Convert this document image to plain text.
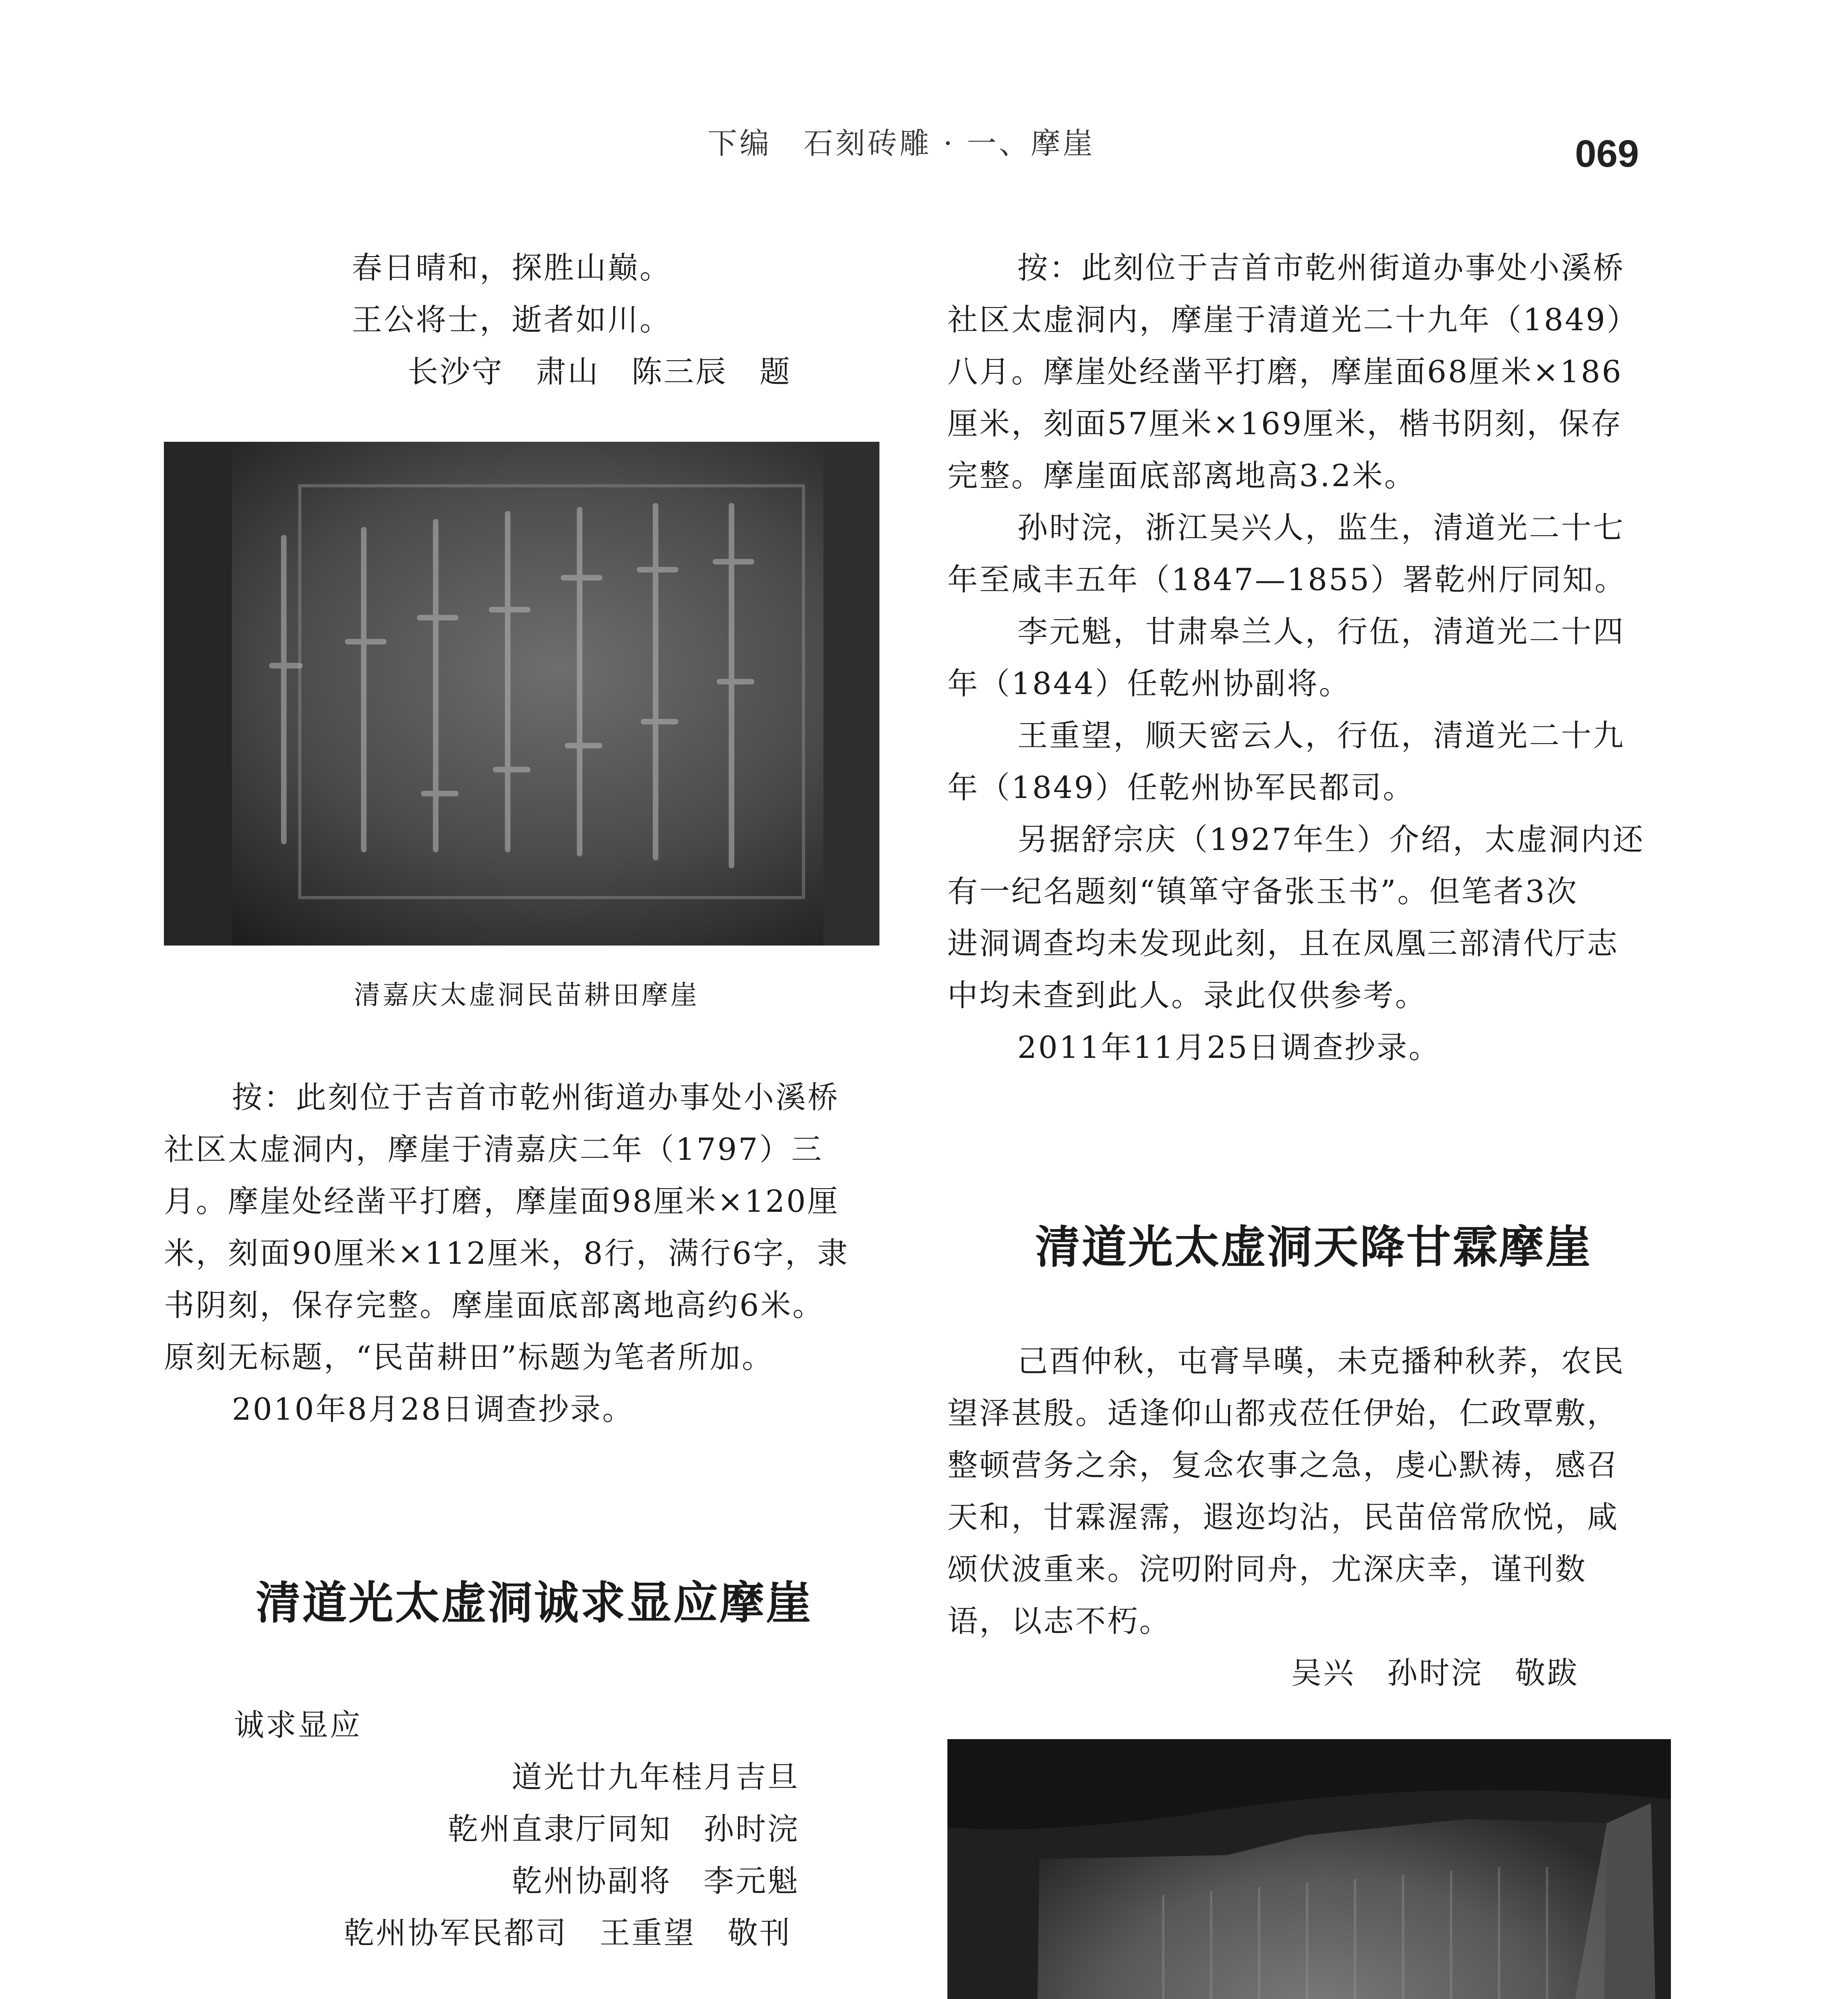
下编　石刻砖雕 · 一、摩崖	069
春日晴和，探胜山巅。
王公将士，逝者如川。
长沙守　肃山　陈三辰　题
清嘉庆太虚洞民苗耕田摩崖
按：此刻位于吉首市乾州街道办事处小溪桥
社区太虚洞内，摩崖于清嘉庆二年（1797）三
月。摩崖处经凿平打磨，摩崖面98厘米×120厘
米，刻面90厘米×112厘米，8行，满行6字，隶
书阴刻，保存完整。摩崖面底部离地高约6米。
原刻无标题，“民苗耕田”标题为笔者所加。
2010年8月28日调查抄录。
清道光太虚洞诚求显应摩崖
诚求显应
道光廿九年桂月吉旦
乾州直隶厅同知　孙时浣
乾州协副将　李元魁
乾州协军民都司　王重望　敬刊
按：此刻位于吉首市乾州街道办事处小溪桥
社区太虚洞内，摩崖于清道光二十九年（1849）
八月。摩崖处经凿平打磨，摩崖面68厘米×186
厘米，刻面57厘米×169厘米，楷书阴刻，保存
完整。摩崖面底部离地高3.2米。
孙时浣，浙江吴兴人，监生，清道光二十七
年至咸丰五年（1847—1855）署乾州厅同知。
李元魁，甘肃皋兰人，行伍，清道光二十四
年（1844）任乾州协副将。
王重望，顺天密云人，行伍，清道光二十九
年（1849）任乾州协军民都司。
另据舒宗庆（1927年生）介绍，太虚洞内还
有一纪名题刻“镇箪守备张玉书”。但笔者3次
进洞调查均未发现此刻，且在凤凰三部清代厅志
中均未查到此人。录此仅供参考。
2011年11月25日调查抄录。
清道光太虚洞天降甘霖摩崖
己酉仲秋，屯膏旱暵，未克播种秋荞，农民
望泽甚殷。适逢仰山都戎莅任伊始，仁政覃敷，
整顿营务之余，复念农事之急，虔心默祷，感召
天和，甘霖渥霈，遐迩均沾，民苗倍常欣悦，咸
颂伏波重来。浣叨附同舟，尤深庆幸，谨刊数
语，以志不朽。
吴兴　孙时浣　敬跋
